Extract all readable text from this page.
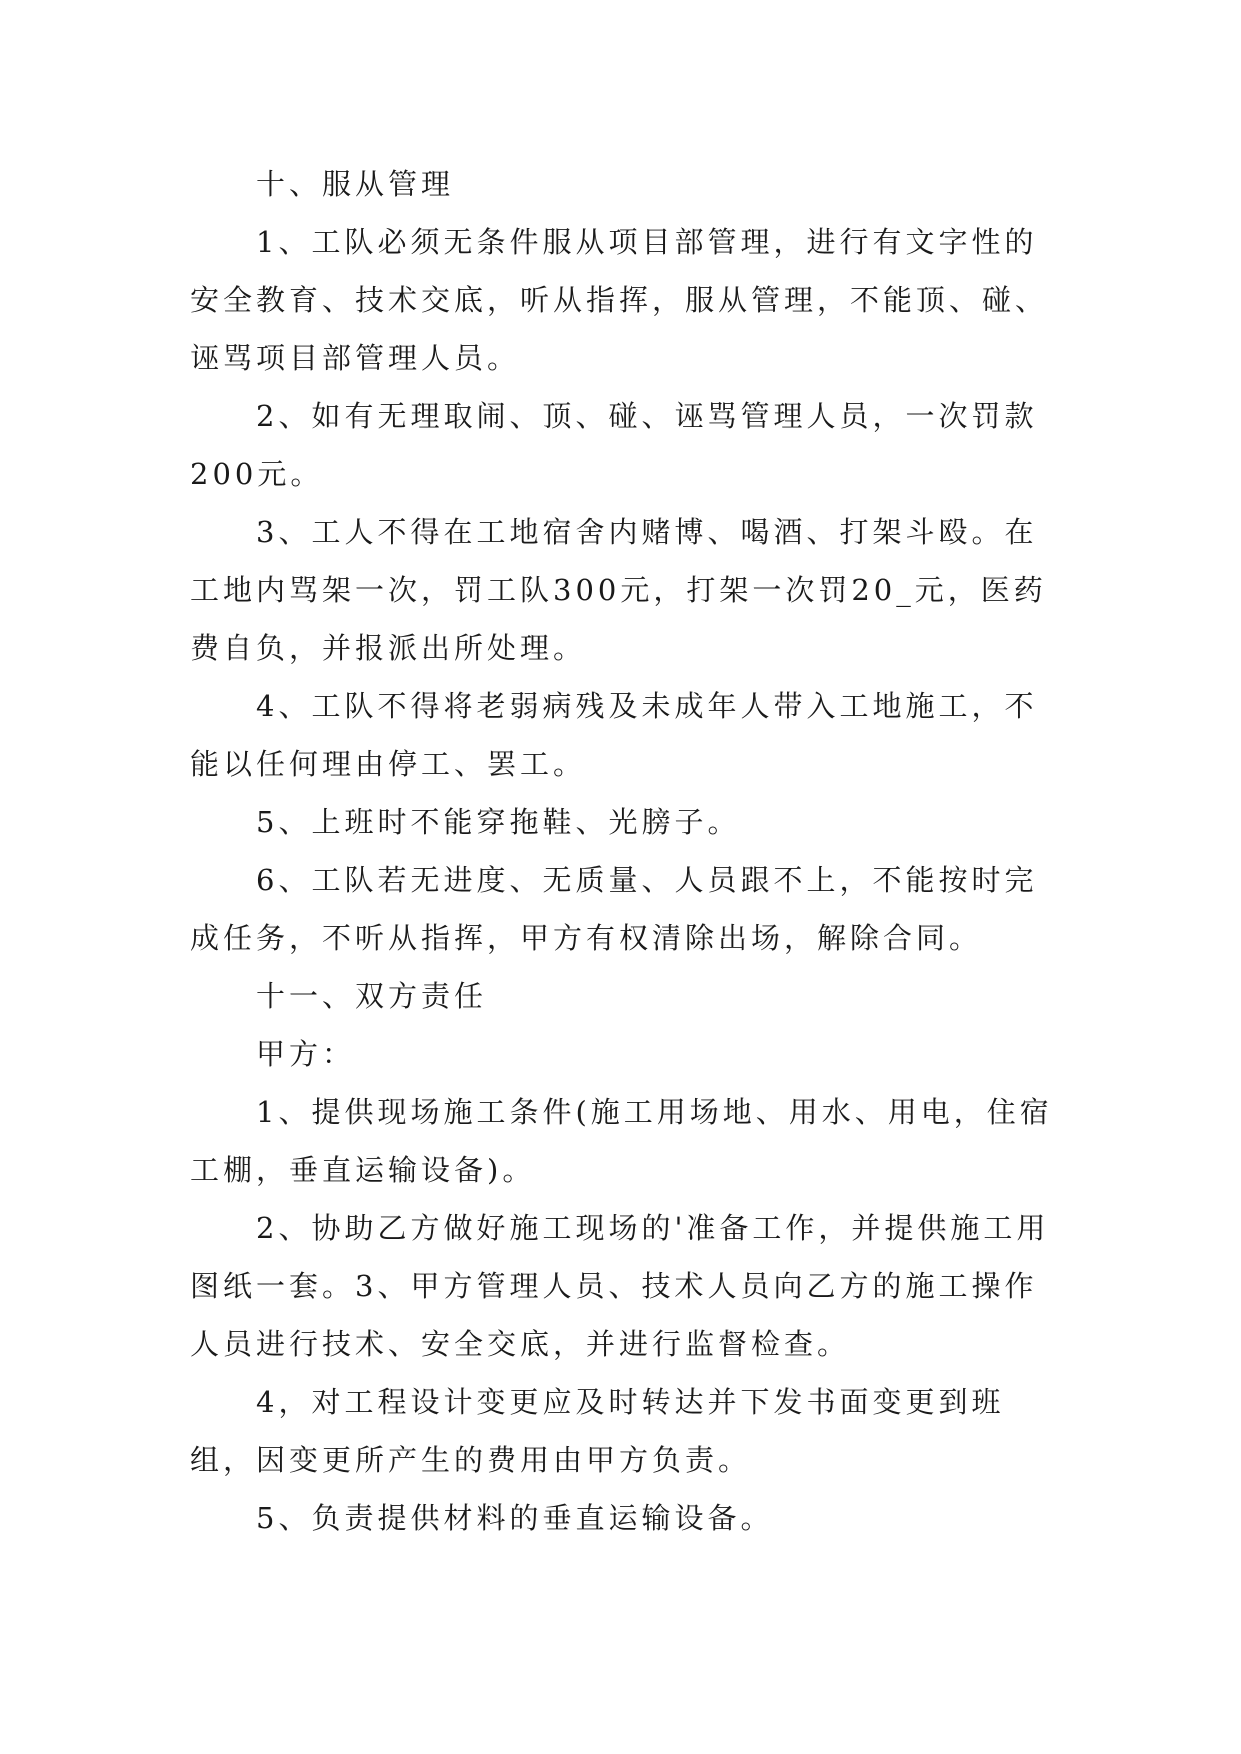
十、服从管理

1、工队必须无条件服从项目部管理，进行有文字性的安全教育、技术交底，听从指挥，服从管理，不能顶、碰、诬骂项目部管理人员。

2、如有无理取闹、顶、碰、诬骂管理人员，一次罚款200元。

3、工人不得在工地宿舍内赌博、喝酒、打架斗殴。在工地内骂架一次，罚工队300元，打架一次罚20_元，医药费自负，并报派出所处理。

4、工队不得将老弱病残及未成年人带入工地施工，不能以任何理由停工、罢工。

5、上班时不能穿拖鞋、光膀子。

6、工队若无进度、无质量、人员跟不上，不能按时完成任务，不听从指挥，甲方有权清除出场，解除合同。

十一、双方责任

甲方：

1、提供现场施工条件(施工用场地、用水、用电，住宿工棚，垂直运输设备)。

2、协助乙方做好施工现场的'准备工作，并提供施工用图纸一套。3、甲方管理人员、技术人员向乙方的施工操作人员进行技术、安全交底，并进行监督检查。

4，对工程设计变更应及时转达并下发书面变更到班组，因变更所产生的费用由甲方负责。

5、负责提供材料的垂直运输设备。
